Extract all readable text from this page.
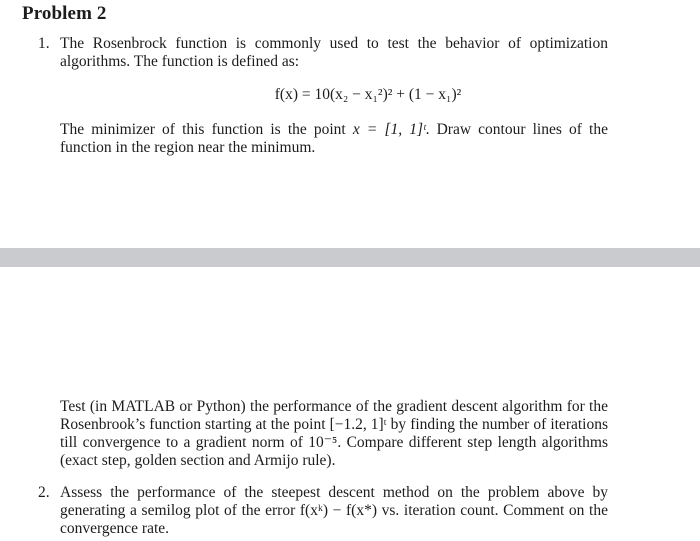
Problem 2
1. The Rosenbrock function is commonly used to test the behavior of optimization algorithms. The function is defined as:
f(x) = 10(x₂ − x₁²)² + (1 − x₁)²
The minimizer of this function is the point x = [1, 1]ᵗ. Draw contour lines of the function in the region near the minimum.
Test (in MATLAB or Python) the performance of the gradient descent algorithm for the Rosenbrook’s function starting at the point [−1.2, 1]ᵗ by finding the number of iterations till convergence to a gradient norm of 10⁻⁵. Compare different step length algorithms (exact step, golden section and Armijo rule).
2. Assess the performance of the steepest descent method on the problem above by generating a semilog plot of the error f(xᵏ) − f(x*) vs. iteration count. Comment on the convergence rate.
